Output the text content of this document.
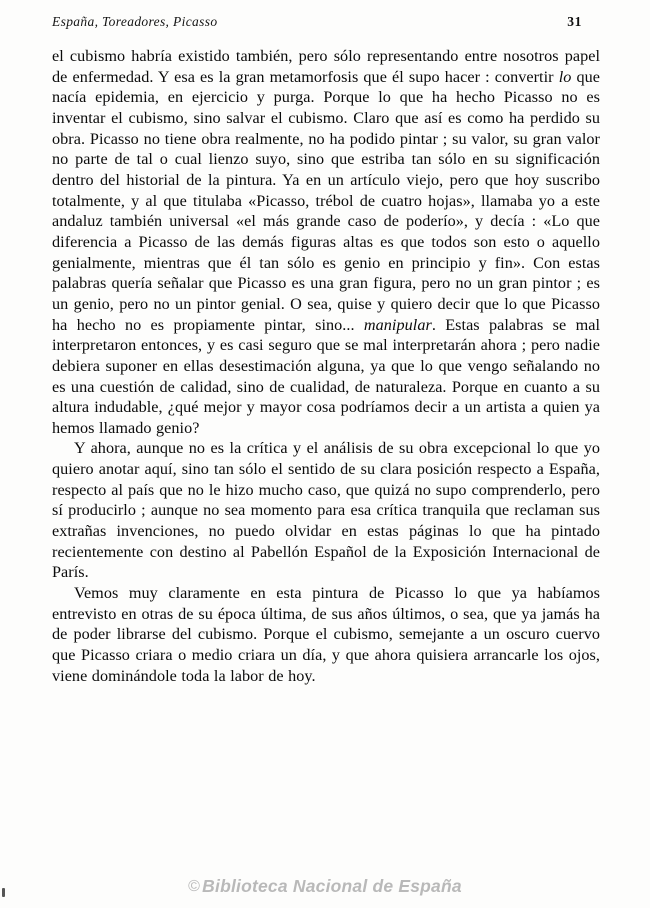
España, Toreadores, Picasso	31

el cubismo habría existido también, pero sólo representando entre nosotros papel de enfermedad. Y esa es la gran metamorfosis que él supo hacer : convertir lo que nacía epidemia, en ejercicio y purga. Porque lo que ha hecho Picasso no es inventar el cubismo, sino salvar el cubismo. Claro que así es como ha perdido su obra. Picasso no tiene obra realmente, no ha podido pintar ; su valor, su gran valor no parte de tal o cual lienzo suyo, sino que estriba tan sólo en su significación dentro del historial de la pintura. Ya en un artículo viejo, pero que hoy suscribo totalmente, y al que titulaba «Picasso, trébol de cuatro hojas», llamaba yo a este andaluz también universal «el más grande caso de poderío», y decía : «Lo que diferencia a Picasso de las demás figuras altas es que todos son esto o aquello genialmente, mientras que él tan sólo es genio en principio y fin». Con estas palabras quería señalar que Picasso es una gran figura, pero no un gran pintor ; es un genio, pero no un pintor genial. O sea, quise y quiero decir que lo que Picasso ha hecho no es propiamente pintar, sino... manipular. Estas palabras se mal interpretaron entonces, y es casi seguro que se mal interpretarán ahora ; pero nadie debiera suponer en ellas desestimación alguna, ya que lo que vengo señalando no es una cuestión de calidad, sino de cualidad, de naturaleza. Porque en cuanto a su altura indudable, ¿qué mejor y mayor cosa podríamos decir a un artista a quien ya hemos llamado genio?

Y ahora, aunque no es la crítica y el análisis de su obra excepcional lo que yo quiero anotar aquí, sino tan sólo el sentido de su clara posición respecto a España, respecto al país que no le hizo mucho caso, que quizá no supo comprenderlo, pero sí producirlo ; aunque no sea momento para esa crítica tranquila que reclaman sus extrañas invenciones, no puedo olvidar en estas páginas lo que ha pintado recientemente con destino al Pabellón Español de la Exposición Internacional de París.

Vemos muy claramente en esta pintura de Picasso lo que ya habíamos entrevisto en otras de su época última, de sus años últimos, o sea, que ya jamás ha de poder librarse del cubismo. Porque el cubismo, semejante a un oscuro cuervo que Picasso criara o medio criara un día, y que ahora quisiera arrancarle los ojos, viene dominándole toda la labor de hoy.

© Biblioteca Nacional de España
